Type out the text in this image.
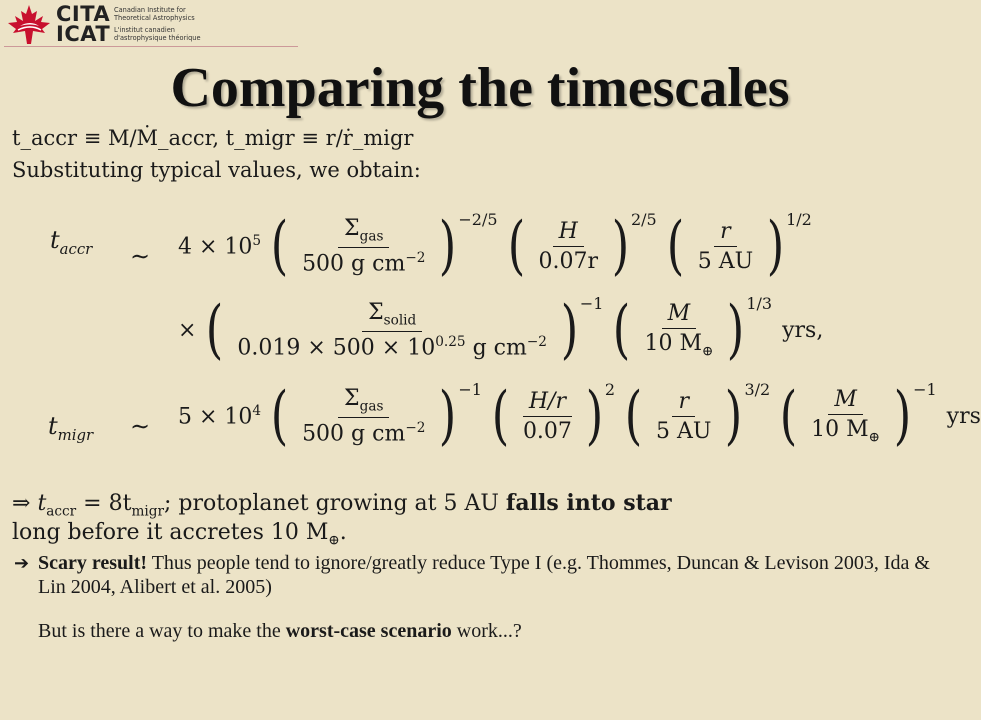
CITA
ICAT
Canadian Institute for
Theoretical Astrophysics
L'institut canadien
d'astrophysique théorique
Comparing the timescales
t_accr ≡ M/Ṁ_accr, t_migr ≡ r/ṙ_migr
Substituting typical values, we obtain:
$t_{accr}$ ∼ $4 \times 10^5$ ( $\frac{\Sigma_{gas}}{500 g cm^{-2}}$ ) −2/5 ( $\frac{H}{0.07r}$ ) 2/5 ( $\frac{r}{5 AU}$ ) 1/2
× ( $\frac{\Sigma_{solid}}{0.019 \times 500 \times 10^{0.25} g cm^{-2}}$ ) −1 ( $\frac{M}{10 M_\oplus}$ ) 1/3
yrs,
$t_{migr}$ ∼ $5 \times 10^4$ ( $\frac{\Sigma_{gas}}{500 g cm^{-2}}$ ) −1 ( $\frac{H/r}{0.07}$ ) 2 ( $\frac{r}{5 AU}$ ) 3/2 ( $\frac{M}{10 M_\oplus}$ ) −1
yrs
⇒ $t_{accr} = 8t_{migr}$; protoplanet growing at 5 AU falls into star
long before it accretes 10 $M_\oplus$.
➔ Scary result! Thus people tend to ignore/greatly reduce Type I (e.g. Thommes, Duncan & Levison 2003, Ida & Lin 2004, Alibert et al. 2005)
But is there a way to make the worst-case scenario work...?
